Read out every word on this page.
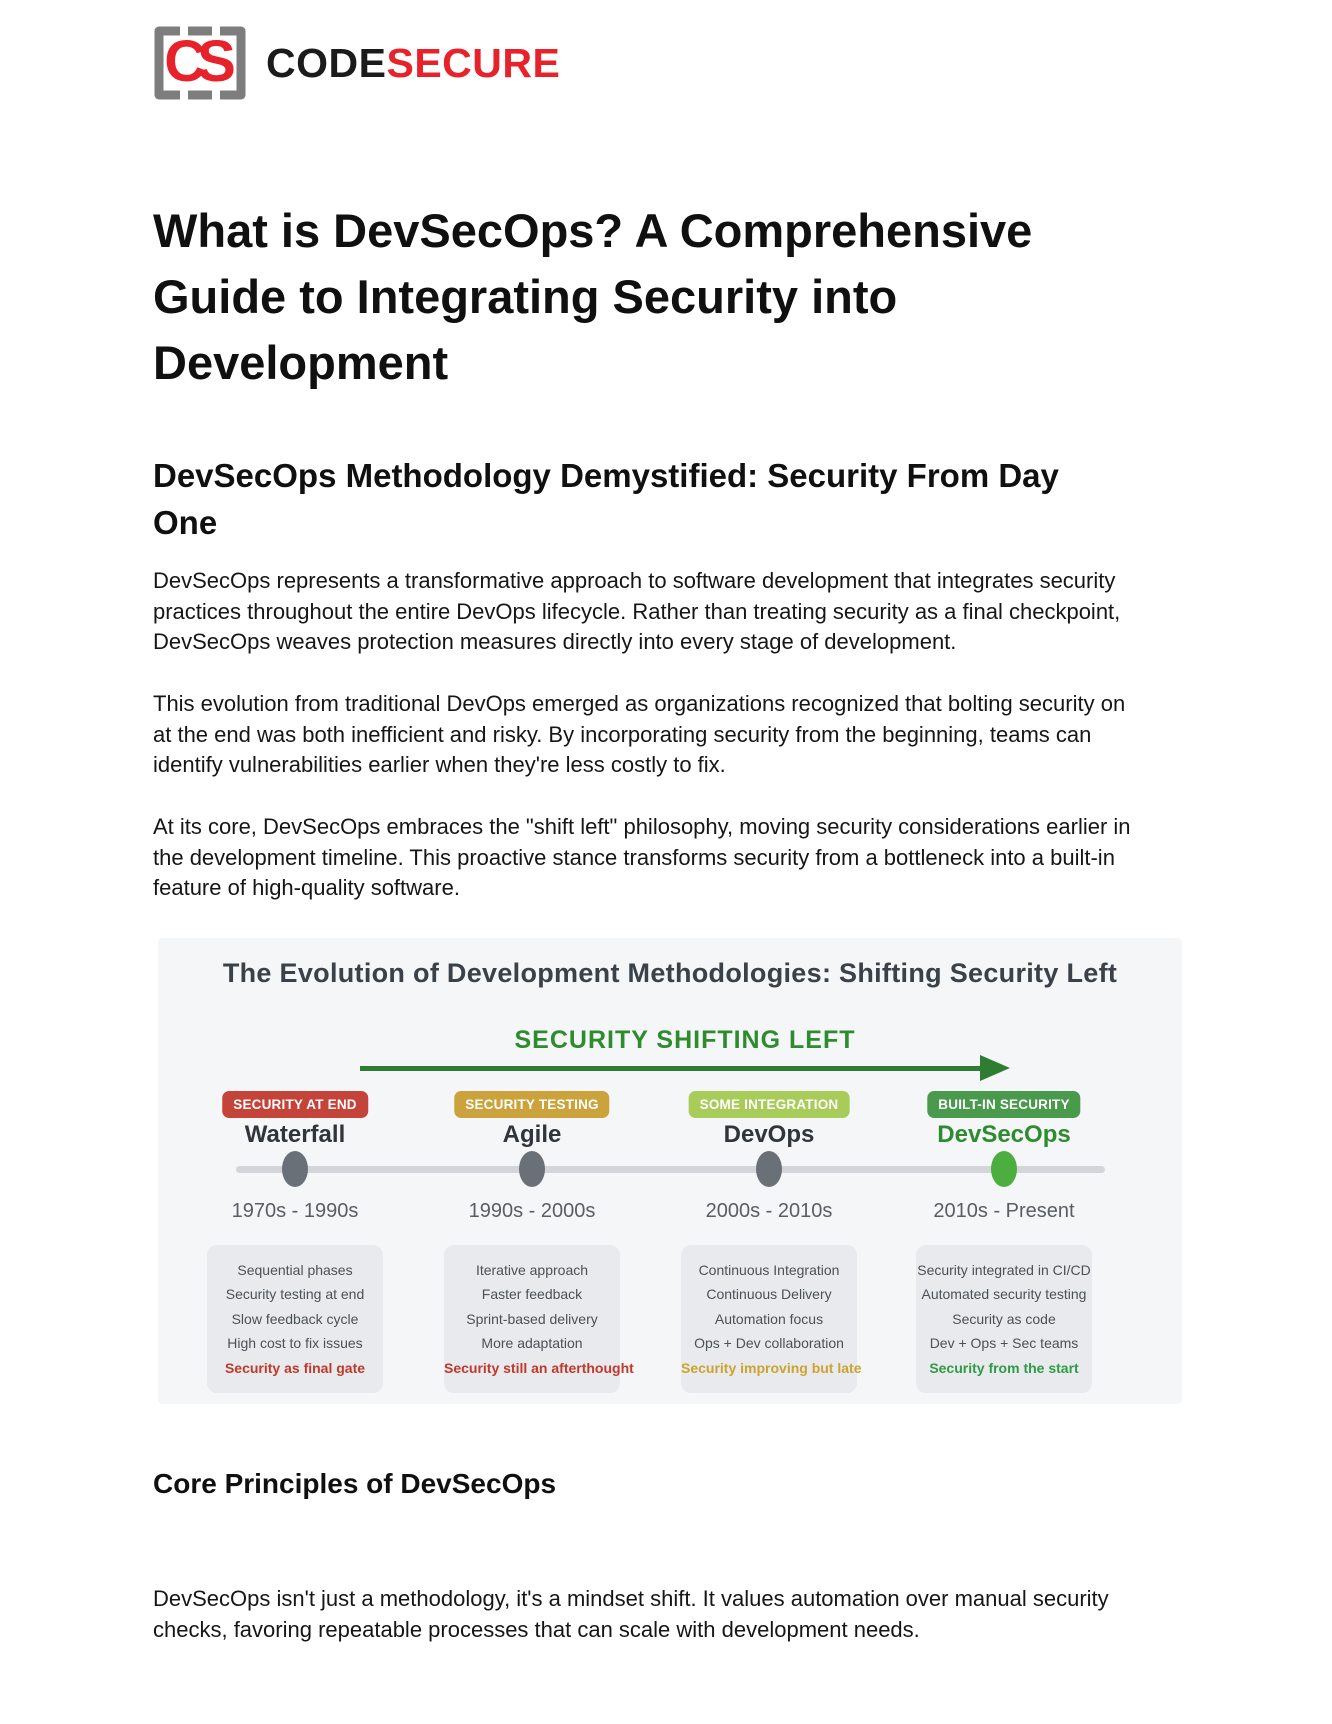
CS CODESECURE
What is DevSecOps? A Comprehensive Guide to Integrating Security into Development
DevSecOps Methodology Demystified: Security From Day One

DevSecOps represents a transformative approach to software development that integrates security practices throughout the entire DevOps lifecycle. Rather than treating security as a final checkpoint, DevSecOps weaves protection measures directly into every stage of development.

This evolution from traditional DevOps emerged as organizations recognized that bolting security on at the end was both inefficient and risky. By incorporating security from the beginning, teams can identify vulnerabilities earlier when they're less costly to fix.

At its core, DevSecOps embraces the "shift left" philosophy, moving security considerations earlier in the development timeline. This proactive stance transforms security from a bottleneck into a built-in feature of high-quality software.

The Evolution of Development Methodologies: Shifting Security Left
SECURITY SHIFTING LEFT
SECURITY AT END
Waterfall
1970s - 1990s
Sequential phases
Security testing at end
Slow feedback cycle
High cost to fix issues
Security as final gate
SECURITY TESTING
Agile
1990s - 2000s
Iterative approach
Faster feedback
Sprint-based delivery
More adaptation
Security still an afterthought
SOME INTEGRATION
DevOps
2000s - 2010s
Continuous Integration
Continuous Delivery
Automation focus
Ops + Dev collaboration
Security improving but late
BUILT-IN SECURITY
DevSecOps
2010s - Present
Security integrated in CI/CD
Automated security testing
Security as code
Dev + Ops + Sec teams
Security from the start
Core Principles of DevSecOps

DevSecOps isn't just a methodology, it's a mindset shift. It values automation over manual security checks, favoring repeatable processes that can scale with development needs.
